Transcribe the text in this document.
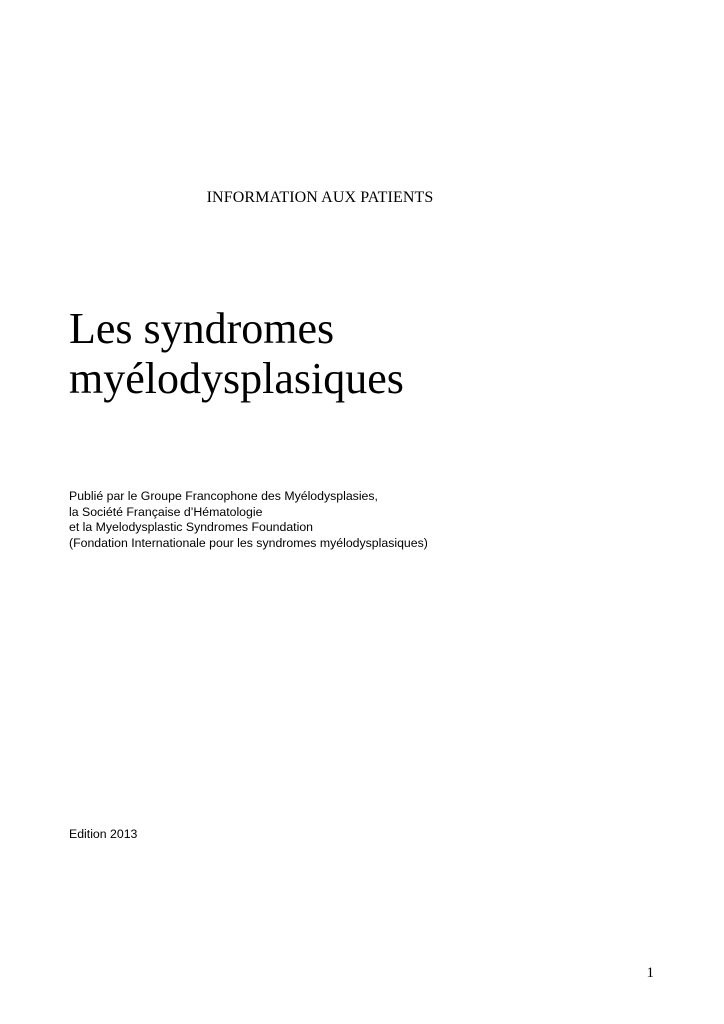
INFORMATION AUX PATIENTS
Les syndromes
myélodysplasiques
Publié par le Groupe Francophone des Myélodysplasies,
la Société Française d’Hématologie
et la Myelodysplastic Syndromes Foundation
(Fondation Internationale pour les syndromes myélodysplasiques)
Edition 2013
1
